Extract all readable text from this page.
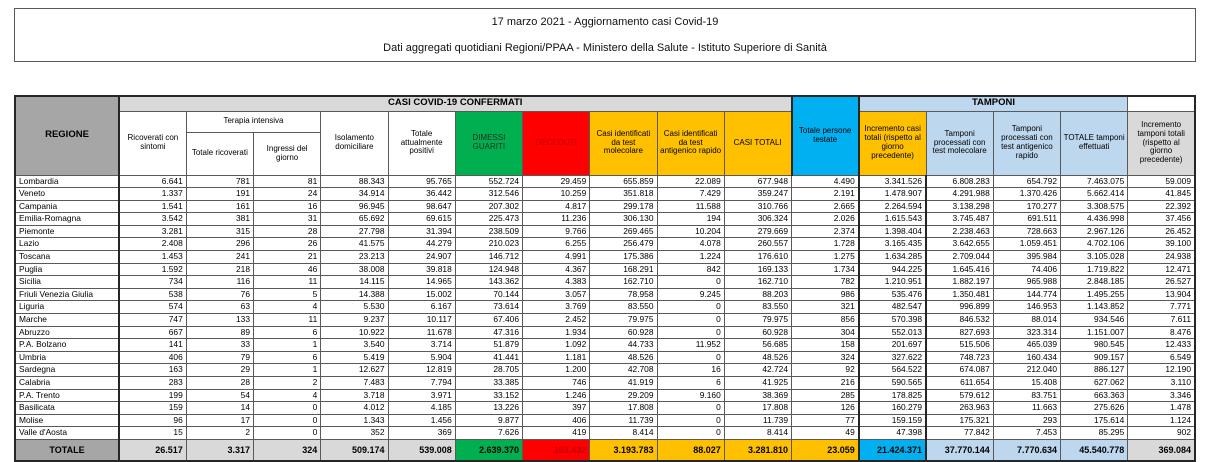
17 marzo 2021 - Aggiornamento casi Covid-19
Dati aggregati quotidiani Regioni/PPAA - Ministero della Salute - Istituto Superiore di Sanità
REGIONE	CASI COVID-19 CONFERMATI										Totale persone testate	TAMPONI				
	Ricoverati con sintomi	Terapia intensiva		Isolamento domiciliare	Totale attualmente positivi	DIMESSI GUARITI	DECEDUTI	Casi identificati da test molecolare	Casi identificati da test antigenico rapido	CASI TOTALI		Incremento casi totali (rispetto al giorno precedente)	Tamponi processati con test molecolare	Tamponi processati con test antigenico rapido	TOTALE tamponi effettuati	Incremento tamponi totali (rispetto al giorno precedente)
		Totale ricoverati	Ingressi del giorno													
Lombardia	6.641	781	81	88.343	95.765	552.724	29.459	655.859	22.089	677.948	4.490	3.341.526	6.808.283	654.792	7.463.075	59.009
Veneto	1.337	191	24	34.914	36.442	312.546	10.259	351.818	7.429	359.247	2.191	1.478.907	4.291.988	1.370.426	5.662.414	41.845
Campania	1.541	161	16	96.945	98.647	207.302	4.817	299.178	11.588	310.766	2.665	2.264.594	3.138.298	170.277	3.308.575	22.392
Emilia-Romagna	3.542	381	31	65.692	69.615	225.473	11.236	306.130	194	306.324	2.026	1.615.543	3.745.487	691.511	4.436.998	37.456
Piemonte	3.281	315	28	27.798	31.394	238.509	9.766	269.465	10.204	279.669	2.374	1.398.404	2.238.463	728.663	2.967.126	26.452
Lazio	2.408	296	26	41.575	44.279	210.023	6.255	256.479	4.078	260.557	1.728	3.165.435	3.642.655	1.059.451	4.702.106	39.100
Toscana	1.453	241	21	23.213	24.907	146.712	4.991	175.386	1.224	176.610	1.275	1.634.285	2.709.044	395.984	3.105.028	24.938
Puglia	1.592	218	46	38.008	39.818	124.948	4.367	168.291	842	169.133	1.734	944.225	1.645.416	74.406	1.719.822	12.471
Sicilia	734	116	11	14.115	14.965	143.362	4.383	162.710	0	162.710	782	1.210.951	1.882.197	965.988	2.848.185	26.527
Friuli Venezia Giulia	538	76	5	14.388	15.002	70.144	3.057	78.958	9.245	88.203	986	535.476	1.350.481	144.774	1.495.255	13.904
Liguria	574	63	4	5.530	6.167	73.614	3.769	83.550	0	83.550	321	482.547	996.899	146.953	1.143.852	7.771
Marche	747	133	11	9.237	10.117	67.406	2.452	79.975	0	79.975	856	570.398	846.532	88.014	934.546	7.611
Abruzzo	667	89	6	10.922	11.678	47.316	1.934	60.928	0	60.928	304	552.013	827.693	323.314	1.151.007	8.476
P.A. Bolzano	141	33	1	3.540	3.714	51.879	1.092	44.733	11.952	56.685	158	201.697	515.506	465.039	980.545	12.433
Umbria	406	79	6	5.419	5.904	41.441	1.181	48.526	0	48.526	324	327.622	748.723	160.434	909.157	6.549
Sardegna	163	29	1	12.627	12.819	28.705	1.200	42.708	16	42.724	92	564.522	674.087	212.040	886.127	12.190
Calabria	283	28	2	7.483	7.794	33.385	746	41.919	6	41.925	216	590.565	611.654	15.408	627.062	3.110
P.A. Trento	199	54	4	3.718	3.971	33.152	1.246	29.209	9.160	38.369	285	178.825	579.612	83.751	663.363	3.346
Basilicata	159	14	0	4.012	4.185	13.226	397	17.808	0	17.808	126	160.279	263.963	11.663	275.626	1.478
Molise	96	17	0	1.343	1.456	9.877	406	11.739	0	11.739	77	159.159	175.321	293	175.614	1.124
Valle d'Aosta	15	2	0	352	369	7.626	419	8.414	0	8.414	49	47.398	77.842	7.453	85.295	902
TOTALE	26.517	3.317	324	509.174	539.008	2.639.370	103.432	3.193.783	88.027	3.281.810	23.059	21.424.371	37.770.144	7.770.634	45.540.778	369.084
